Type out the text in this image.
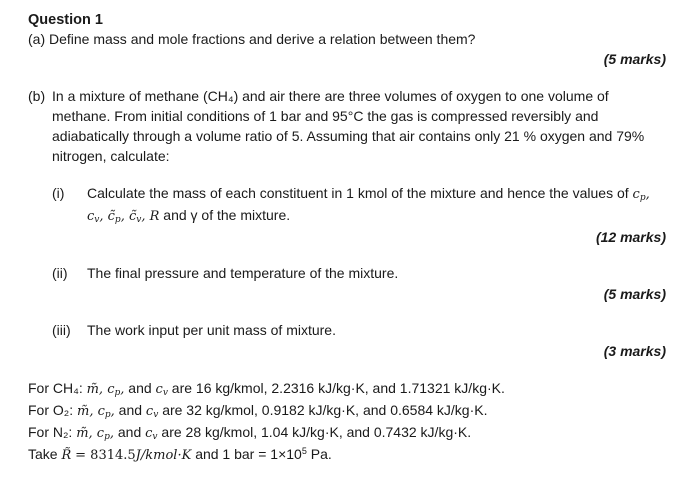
Question 1
(a) Define mass and mole fractions and derive a relation between them?
(5 marks)
(b) In a mixture of methane (CH₄) and air there are three volumes of oxygen to one volume of
methane. From initial conditions of 1 bar and 95°C the gas is compressed reversibly and
adiabatically through a volume ratio of 5. Assuming that air contains only 21 % oxygen and 79%
nitrogen, calculate:
(i) Calculate the mass of each constituent in 1 kmol of the mixture and hence the values of $c_p$,
$c_v$, $c̃_p$, $c̃_v$, R and γ of the mixture.
(12 marks)
(ii) The final pressure and temperature of the mixture.
(5 marks)
(iii) The work input per unit mass of mixture.
(3 marks)
For CH₄: m̃, $c_p$, and $c_v$ are 16 kg/kmol, 2.2316 kJ/kg·K, and 1.71321 kJ/kg·K.
For O₂: m̃, $c_p$, and $c_v$ are 32 kg/kmol, 0.9182 kJ/kg·K, and 0.6584 kJ/kg·K.
For N₂: m̃, $c_p$, and $c_v$ are 28 kg/kmol, 1.04 kJ/kg·K, and 0.7432 kJ/kg·K.
Take R̃ = 8314.5J/kmol·K and 1 bar = $1\times 10^5$ Pa.
